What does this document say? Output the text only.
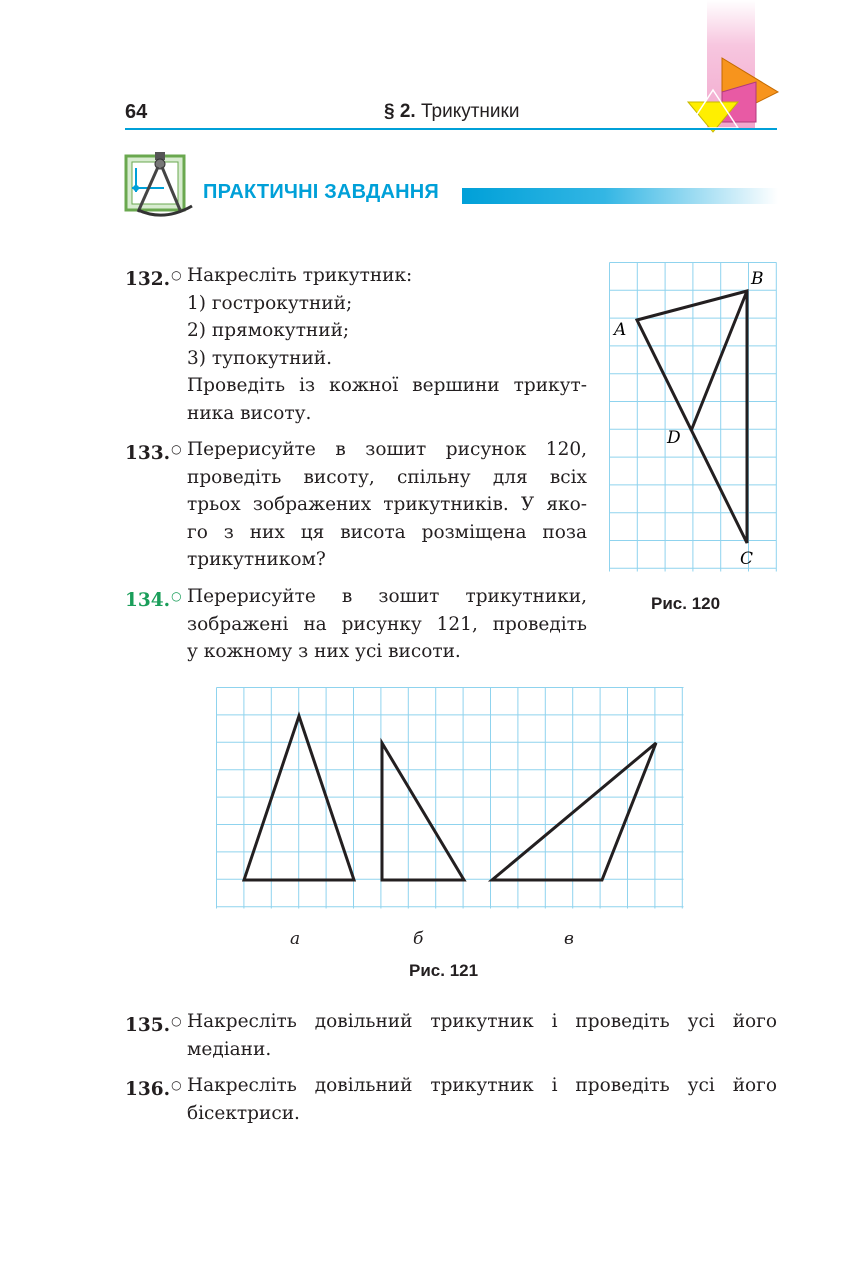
64	§ 2. Трикутники
ПРАКТИЧНІ ЗАВДАННЯ
132.○ Накресліть трикутник:
1) гострокутний;
2) прямокутний;
3) тупокутний.
Проведіть із кожної вершини трикут-
ника висоту.
133.○ Перерисуйте в зошит рисунок 120,
проведіть висоту, спільну для всіх
трьох зображених трикутників. У яко-
го з них ця висота розміщена поза
трикутником?
134.○ Перерисуйте в зошит трикутники,
зображені на рисунку 121, проведіть
у кожному з них усі висоти.
A
B
C
D
Рис. 120
а	б	в
Рис. 121
135.○ Накресліть довільний трикутник і проведіть усі його
медіани.
136.○ Накресліть довільний трикутник і проведіть усі його
бісектриси.
